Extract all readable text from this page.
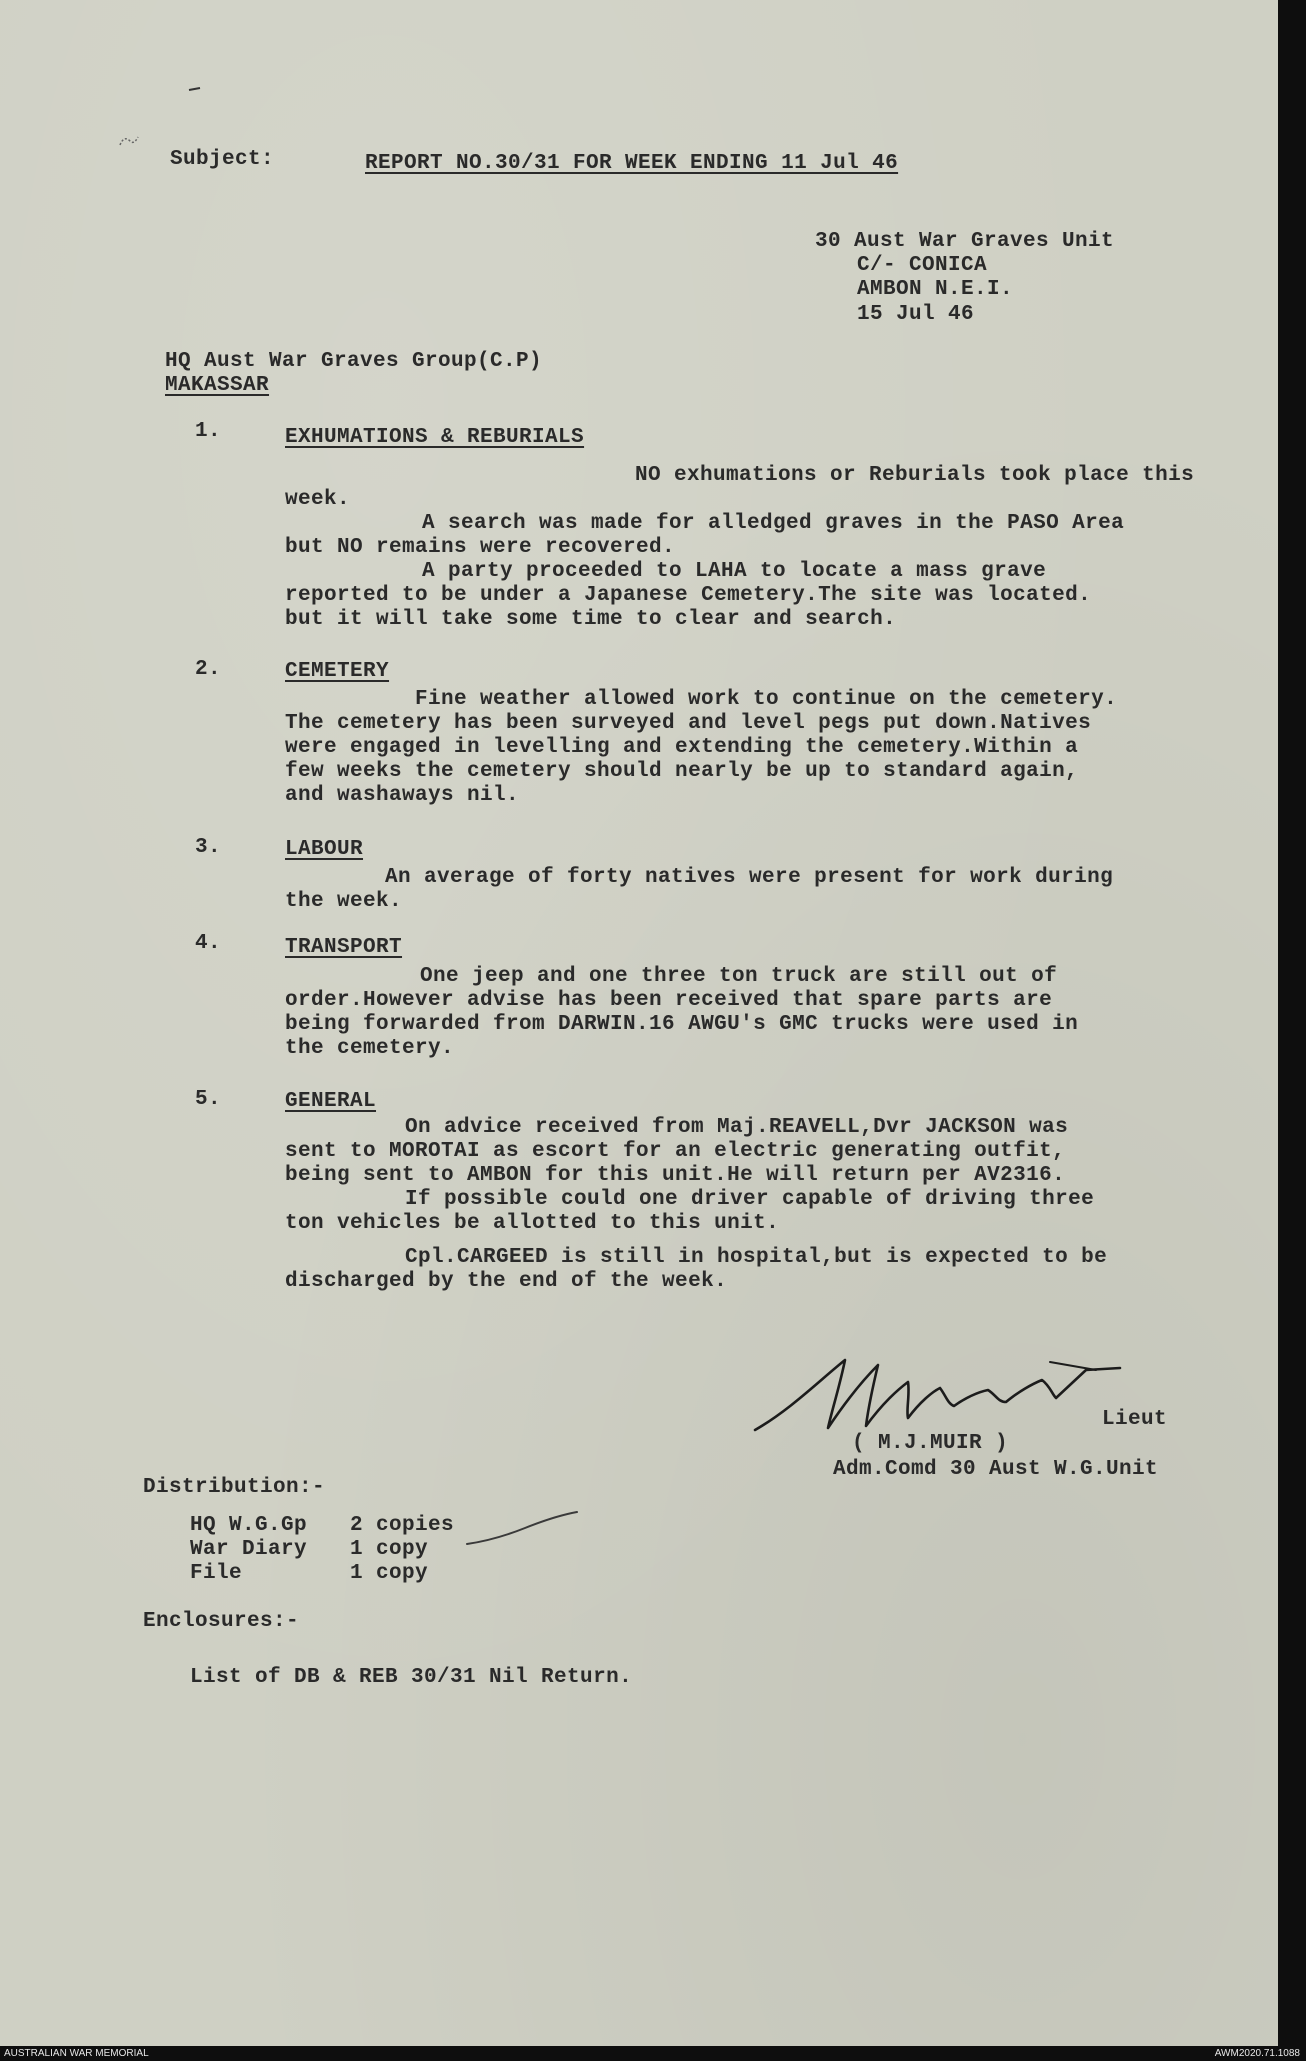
Subject:	REPORT NO.30/31 FOR WEEK ENDING 11 Jul 46
30 Aust War Graves Unit
C/- CONICA
AMBON N.E.I.
15 Jul 46
HQ Aust War Graves Group(C.P)
MAKASSAR
1.	EXHUMATIONS & REBURIALS
NO exhumations or Reburials took place this
week.
A search was made for alledged graves in the PASO Area
but NO remains were recovered.
A party proceeded to LAHA to locate a mass grave
reported to be under a Japanese Cemetery.The site was located.
but it will take some time to clear and search.
2.	CEMETERY
Fine weather allowed work to continue on the cemetery.
The cemetery has been surveyed and level pegs put down.Natives
were engaged in levelling and extending the cemetery.Within a
few weeks the cemetery should nearly be up to standard again,
and washaways nil.
3.	LABOUR
An average of forty natives were present for work during
the week.
4.	TRANSPORT
One jeep and one three ton truck are still out of
order.However advise has been received that spare parts are
being forwarded from DARWIN.16 AWGU's GMC trucks were used in
the cemetery.
5.	GENERAL
On advice received from Maj.REAVELL,Dvr JACKSON was
sent to MOROTAI as escort for an electric generating outfit,
being sent to AMBON for this unit.He will return per AV2316.
If possible could one driver capable of driving three
ton vehicles be allotted to this unit.
Cpl.CARGEED is still in hospital,but is expected to be
discharged by the end of the week.
Lieut
( M.J.MUIR )
Adm.Comd 30 Aust W.G.Unit
Distribution:-
HQ W.G.Gp 2 copies
War Diary 1 copy
File	1 copy
Enclosures:-
List of DB & REB 30/31 Nil Return.
AUSTRALIAN WAR MEMORIAL	AWM2020.71.1088
